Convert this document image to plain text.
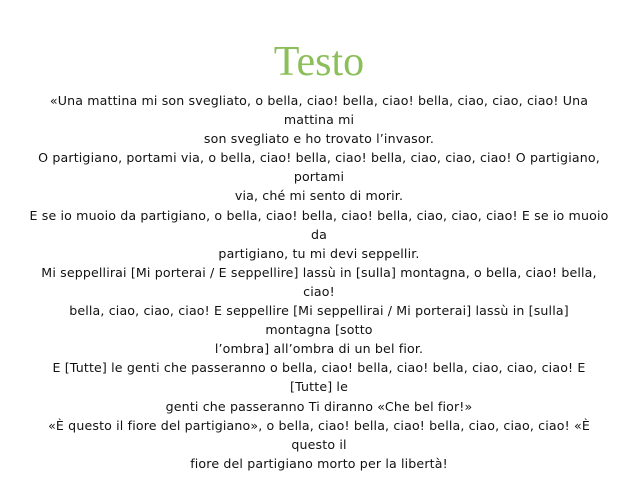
Testo
«Una mattina mi son svegliato, o bella, ciao! bella, ciao! bella, ciao, ciao, ciao! Una
mattina mi
son svegliato e ho trovato l’invasor.
O partigiano, portami via, o bella, ciao! bella, ciao! bella, ciao, ciao, ciao! O partigiano,
portami
via, ché mi sento di morir.
E se io muoio da partigiano, o bella, ciao! bella, ciao! bella, ciao, ciao, ciao! E se io muoio
da
partigiano, tu mi devi seppellir.
Mi seppellirai [Mi porterai / E seppellire] lassù in [sulla] montagna, o bella, ciao! bella,
ciao!
bella, ciao, ciao, ciao! E seppellire [Mi seppellirai / Mi porterai] lassù in [sulla]
montagna [sotto
l’ombra] all’ombra di un bel fior.
E [Tutte] le genti che passeranno o bella, ciao! bella, ciao! bella, ciao, ciao, ciao! E
[Tutte] le
genti che passeranno Ti diranno «Che bel fior!»
«È questo il fiore del partigiano», o bella, ciao! bella, ciao! bella, ciao, ciao, ciao! «È
questo il
fiore del partigiano morto per la libertà!
